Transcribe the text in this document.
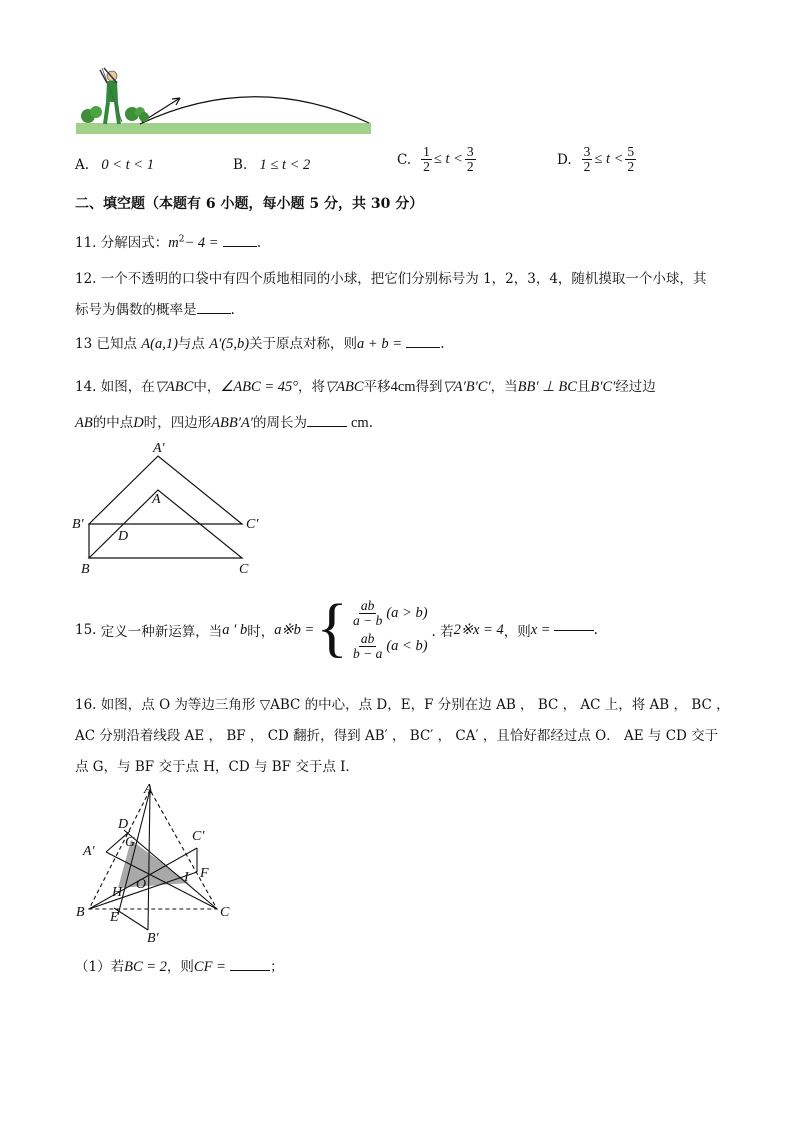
A. 0 < t < 1	B. 1 ≤ t < 2	C. $\frac{1}{2} \le t < \frac{3}{2}$	D. $\frac{3}{2} \le t < \frac{5}{2}$
二、填空题（本题有 6 小题，每小题 5 分，共 30 分）
11. 分解因式：$m^2- 4$ =	.
12. 一个不透明的口袋中有四个质地相同的小球，把它们分别标号为 1，2，3，4，随机摸取一个小球，其
标号为偶数的概率是	.
13 已知点 A(a,1)与点 A′(5,b)关于原点对称，则a + b =	.
14. 如图，在▽ABC中，∠ABC = 45°，将▽ABC平移4cm得到▽A′B′C′，当BB′ ⊥ BC且B′C′经过边
AB的中点D时，四边形ABB′A′的周长为	cm.
A′
A
B′	C′
D
B	C
15.
定义一种新运算，当 a ′ b 时， a※b = { $\frac{ab}{a - b} (a > b)$
$\frac{ab}{b - a} (a < b)$
. 若 2※x = 4 ，则 x =	.
16. 如图，点 O 为等边三角形 ▽ABC 的中心，点 D，E，F 分别在边 AB ， BC ， AC 上，将 AB ， BC ，
AC 分别沿着线段 AE ， BF ， CD 翻折，得到 AB′ ， BC′ ， CA′ ，且恰好都经过点 O． AE 与 CD 交于
点 G，与 BF 交于点 H，CD 与 BF 交于点 I．
A
D
C′
G
A′
I F
O
H
B E	C
B′
（1）若BC = 2，则CF =	；
